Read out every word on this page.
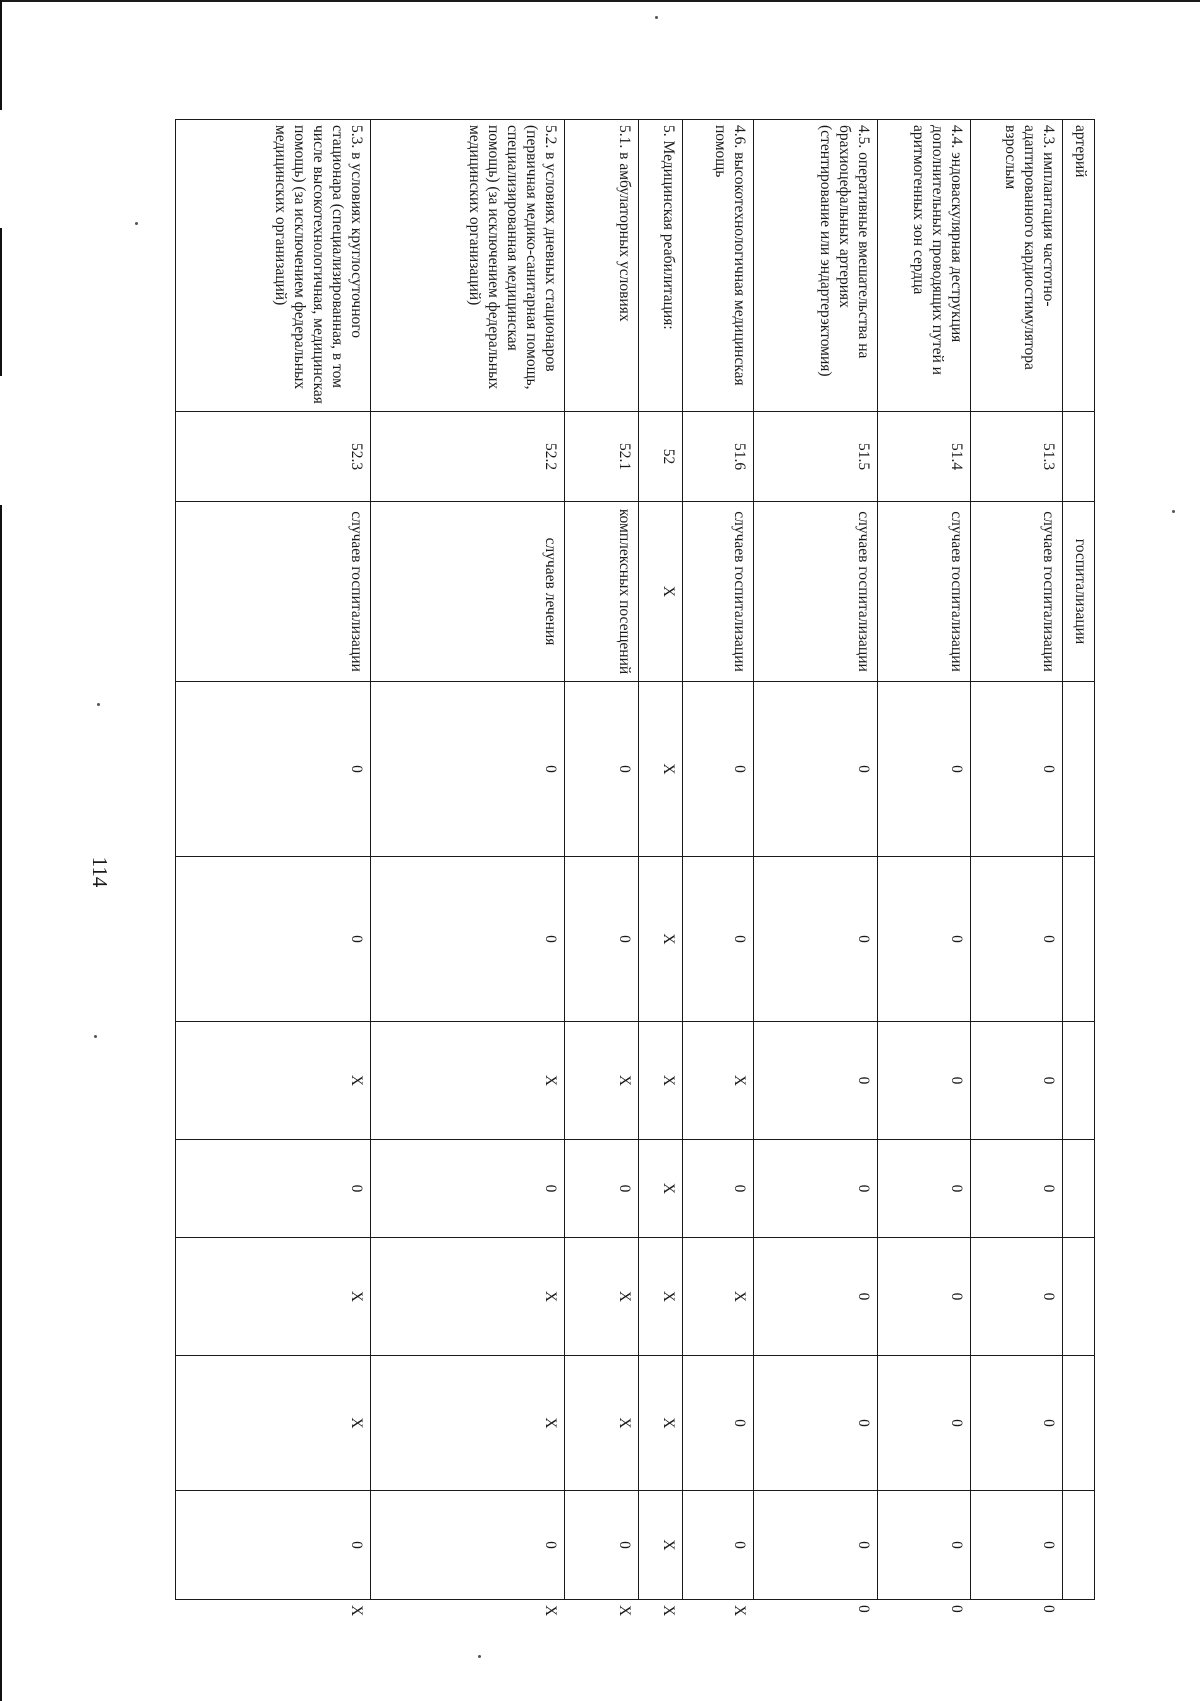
114
артерий		госпитализации								
4.3. имплантация частотно-адаптированного кардиостимулятора взрослым	51.3	случаев госпитализации	0	0	0	0	0	0	0	0
4.4. эндоваскулярная деструкция дополнительных проводящих путей и аритмогенных зон сердца	51.4	случаев госпитализации	0	0	0	0	0	0	0	0
4.5. оперативные вмешательства на брахиоцефальных артериях (стентирование или эндартерэктомия)	51.5	случаев госпитализации	0	0	0	0	0	0	0	0
4.6. высокотехнологичная медицинская помощь	51.6	случаев госпитализации	0	0	X	0	X	0	0	X
5. Медицинская реабилитация:	52	X	X	X	X	X	X	X	X	X
5.1. в амбулаторных условиях	52.1	комплексных посещений	0	0	X	0	X	X	0	X
5.2. в условиях дневных стационаров (первичная медико-санитарная помощь, специализированная медицинская помощь) (за исключением федеральных медицинских организаций)	52.2	случаев лечения	0	0	X	0	X	X	0	X
5.3. в условиях круглосуточного стационара (специализированная, в том числе высокотехнологичная, медицинская помощь) (за исключением федеральных медицинских организаций)	52.3	случаев госпитализации	0	0	X	0	X	X	0	X
